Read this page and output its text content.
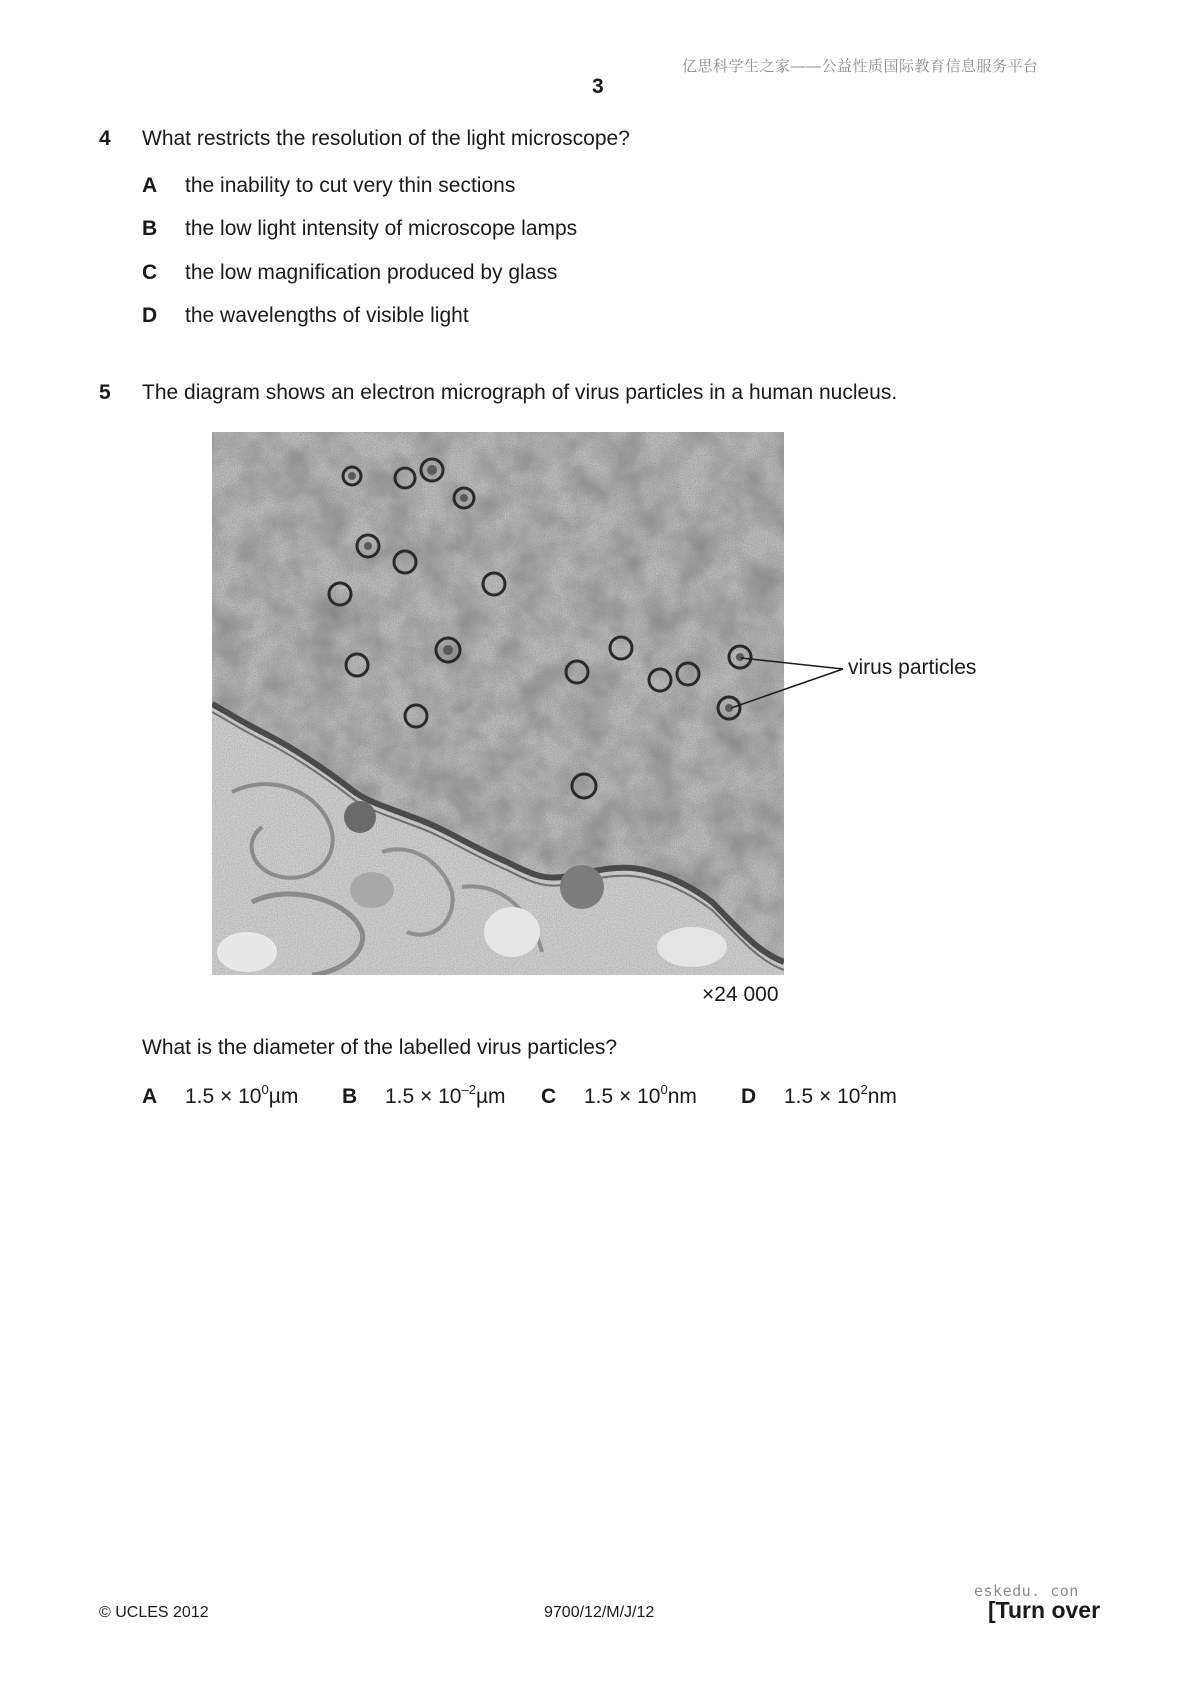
亿思科学生之家——公益性质国际教育信息服务平台
3
4 What restricts the resolution of the light microscope?
A the inability to cut very thin sections
B the low light intensity of microscope lamps
C the low magnification produced by glass
D the wavelengths of visible light
5 The diagram shows an electron micrograph of virus particles in a human nucleus.
virus particles
×24 000
What is the diameter of the labelled virus particles?
A $1.5 \times 10^0\mu m$ B $1.5 \times 10^{-2}\mu m$ C $1.5 \times 10^0nm$ D $1.5 \times 10^2nm$
eskedu. con
© UCLES 2012	9700/12/M/J/12	[Turn over
